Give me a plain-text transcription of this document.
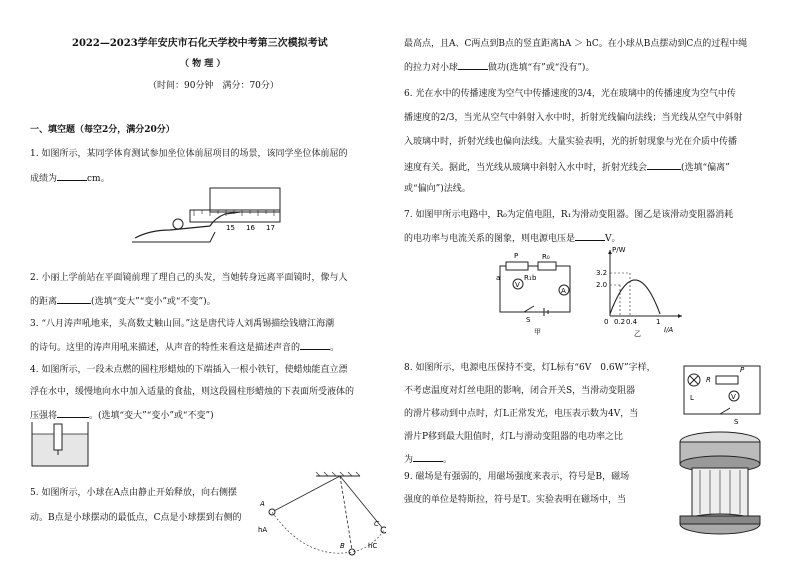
2022—2023学年安庆市石化天学校中考第三次模拟考试
（ 物 理 ）
（时间：90分钟　满分：70分）
一、填空题（每空2分，满分20分）
1. 如图所示，某同学体育测试参加坐位体前屈项目的场景，该同学坐位体前屈的
成绩为	cm。
15 16 17
2. 小丽上学前站在平面镜前理了理自己的头发，当她转身远离平面镜时，像与人
的距离	(选填“变大”“变小”或“不变”)。
3. “八月涛声吼地来，头高数丈触山回。”这是唐代诗人刘禹锡描绘钱塘江海潮
的诗句。这里的涛声用吼来描述，从声音的特性来看这是描述声音的	。
4. 如图所示，一段未点燃的圆柱形蜡烛的下端插入一根小铁钉，使蜡烛能直立漂
浮在水中，缓慢地向水中加入适量的食盐，则这段圆柱形蜡烛的下表面所受液体的
压强将	。(选填“变大”“变小”或“不变”)
5. 如图所示，小球在A点由静止开始释放，向右侧摆
动。B点是小球摆动的最低点，C点是小球摆到右侧的
A
B
C
hA
hC
最高点，且A、C两点到B点的竖直距离hA ＞ hC。在小球从B点摆动到C点的过程中绳
的拉力对小球	做功(选填“有”或“没有”)。
6. 光在水中的传播速度为空气中传播速度的3/4，光在玻璃中的传播速度为空气中传
播速度的2/3，当光从空气中斜射入水中时，折射光线偏向法线；当光线从空气中斜射
入玻璃中时，折射光线也偏向法线。大量实验表明，光的折射现象与光在介质中传播
速度有关。据此，当光线从玻璃中斜射入水中时，折射光线会	(选填“偏离”
或“偏向”)法线。
7. 如图甲所示电路中，R₀为定值电阻，R₁为滑动变阻器。图乙是该滑动变阻器消耗
的电功率与电流关系的图象，则电源电压是	V。
P	R₀
a	R₁ b
V
A
S
甲
P/W
3.2
2.0
0 0.2 0.4	1
I/A
乙
8. 如图所示，电源电压保持不变，灯L标有“6V　0.6W”字样，
不考虑温度对灯丝电阻的影响，闭合开关S，当滑动变阻器
的滑片移动到中点时，灯L正常发光，电压表示数为4V，当
滑片P移到最大阻值时，灯L与滑动变阻器的电功率之比
为	。
L
R
P
V
S
9. 磁场是有强弱的，用磁场强度来表示，符号是B，磁场
强度的单位是特斯拉，符号是T。实验表明在磁场中，当
